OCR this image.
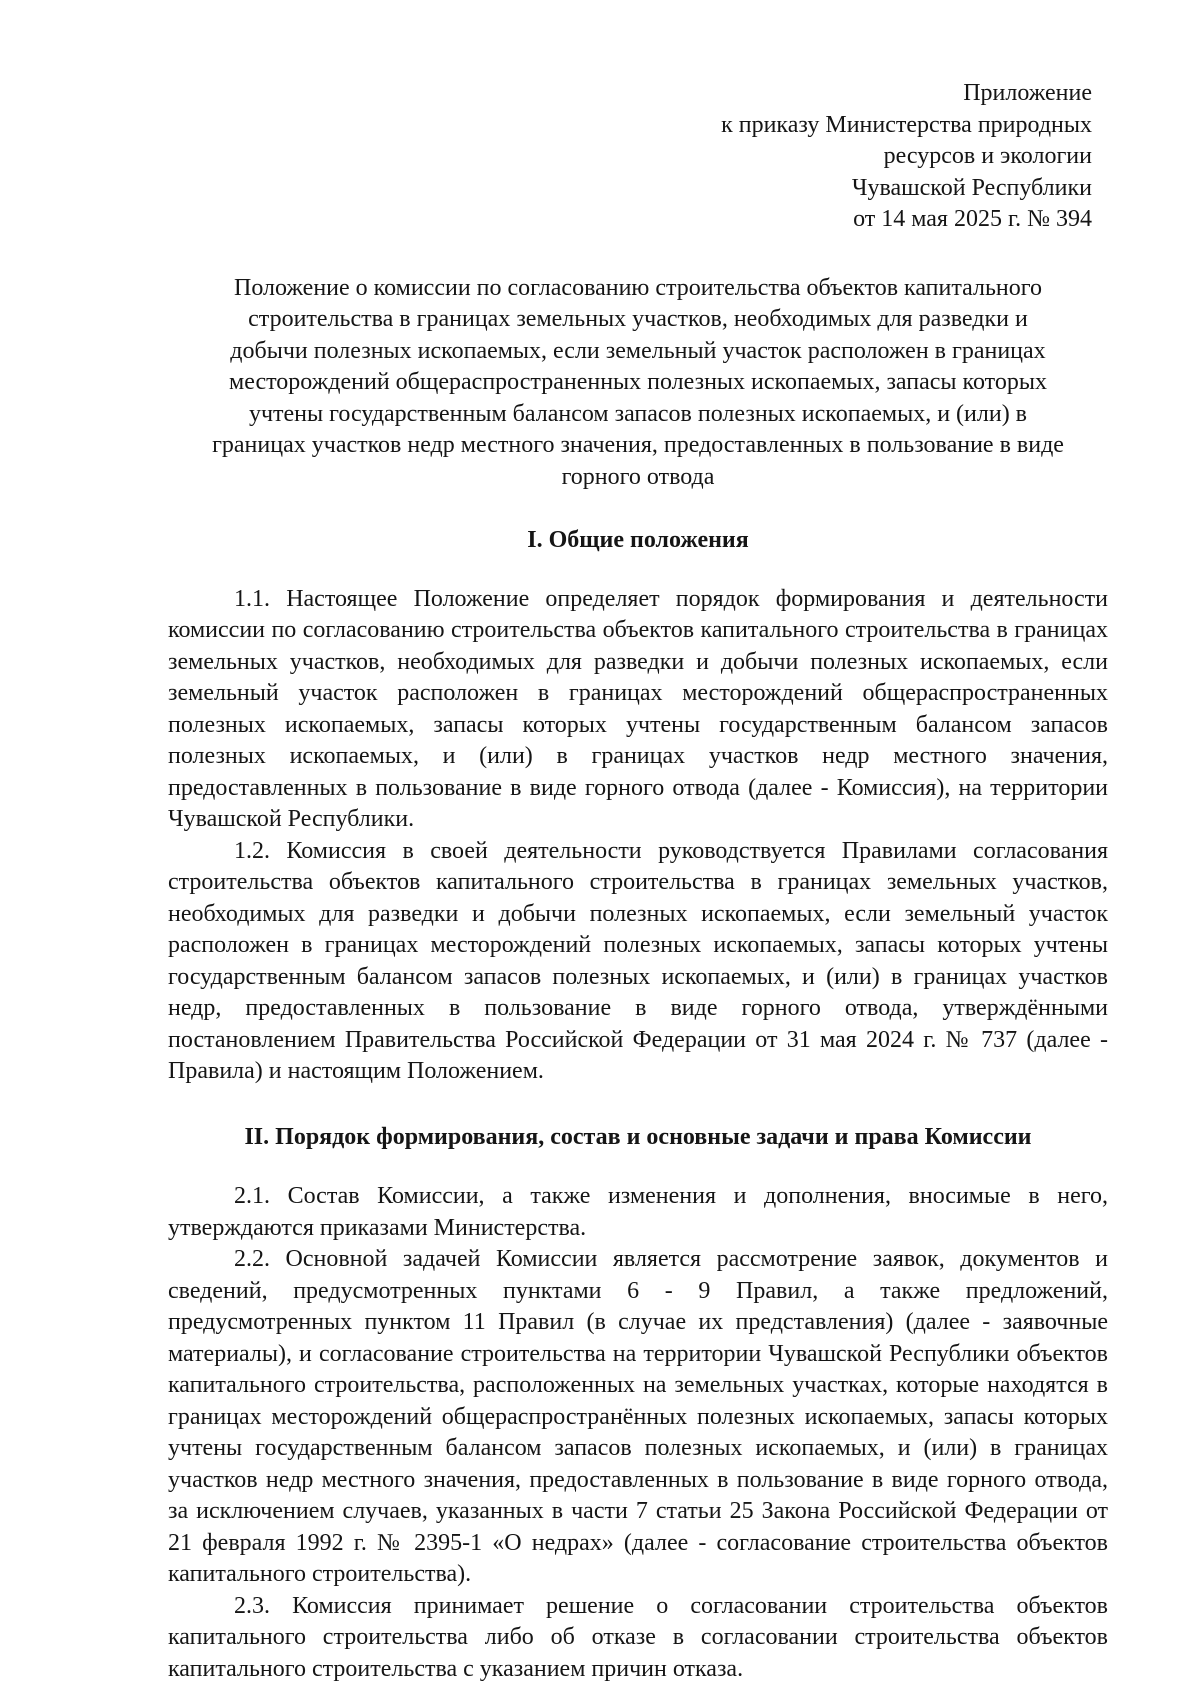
Приложение
к приказу Министерства природных
ресурсов и экологии
Чувашской Республики
от 14 мая 2025 г. № 394
Положение о комиссии по согласованию строительства объектов капитального
строительства в границах земельных участков, необходимых для разведки и
добычи полезных ископаемых, если земельный участок расположен в границах
месторождений общераспространенных полезных ископаемых, запасы которых
учтены государственным балансом запасов полезных ископаемых, и (или) в
границах участков недр местного значения, предоставленных в пользование в виде
горного отвода
I. Общие положения

1.1. Настоящее Положение определяет порядок формирования и деятельности комиссии по согласованию строительства объектов капитального строительства в границах земельных участков, необходимых для разведки и добычи полезных ископаемых, если земельный участок расположен в границах месторождений общераспространенных полезных ископаемых, запасы которых учтены государственным балансом запасов полезных ископаемых, и (или) в границах участков недр местного значения, предоставленных в пользование в виде горного отвода (далее - Комиссия), на территории Чувашской Республики.

1.2. Комиссия в своей деятельности руководствуется Правилами согласования строительства объектов капитального строительства в границах земельных участков, необходимых для разведки и добычи полезных ископаемых, если земельный участок расположен в границах месторождений полезных ископаемых, запасы которых учтены государственным балансом запасов полезных ископаемых, и (или) в границах участков недр, предоставленных в пользование в виде горного отвода, утверждёнными постановлением Правительства Российской Федерации от 31 мая 2024 г. № 737 (далее - Правила) и настоящим Положением.

II. Порядок формирования, состав и основные задачи и права Комиссии

2.1. Состав Комиссии, а также изменения и дополнения, вносимые в него, утверждаются приказами Министерства.

2.2. Основной задачей Комиссии является рассмотрение заявок, документов и сведений, предусмотренных пунктами 6 - 9 Правил, а также предложений, предусмотренных пунктом 11 Правил (в случае их представления) (далее - заявочные материалы), и согласование строительства на территории Чувашской Республики объектов капитального строительства, расположенных на земельных участках, которые находятся в границах месторождений общераспространённых полезных ископаемых, запасы которых учтены государственным балансом запасов полезных ископаемых, и (или) в границах участков недр местного значения, предоставленных в пользование в виде горного отвода, за исключением случаев, указанных в части 7 статьи 25 Закона Российской Федерации от 21 февраля 1992 г. № 2395-1 «О недрах» (далее - согласование строительства объектов капитального строительства).

2.3. Комиссия принимает решение о согласовании строительства объектов капитального строительства либо об отказе в согласовании строительства объектов капитального строительства с указанием причин отказа.
